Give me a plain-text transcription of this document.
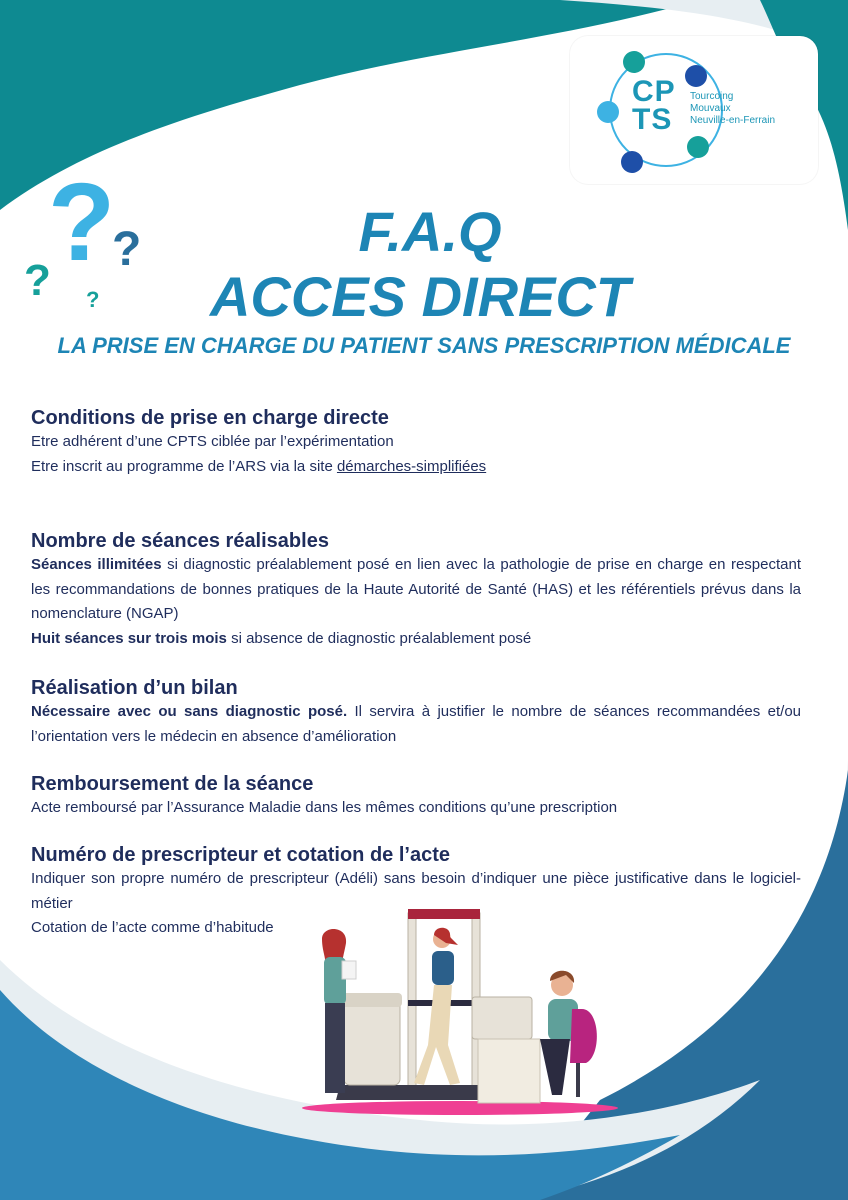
?
?
? ?
CP
TS
Tourcoing
Mouvaux
Neuville-en-Ferrain
F.A.Q
ACCES DIRECT
LA PRISE EN CHARGE DU PATIENT SANS PRESCRIPTION MÉDICALE
Conditions de prise en charge directe

Etre adhérent d’une CPTS ciblée par l’expérimentation

Etre inscrit au programme de l’ARS via la site démarches-simplifiées

Nombre de séances réalisables

Séances illimitées si diagnostic préalablement posé en lien avec la pathologie de prise en charge en respectant les recommandations de bonnes pratiques de la Haute Autorité de Santé (HAS) et les référentiels prévus dans la nomenclature (NGAP)

Huit séances sur trois mois si absence de diagnostic préalablement posé

Réalisation d’un bilan

Nécessaire avec ou sans diagnostic posé. Il servira à justifier le nombre de séances recommandées et/ou l’orientation vers le médecin en absence d’amélioration

Remboursement de la séance

Acte remboursé par l’Assurance Maladie dans les mêmes conditions qu’une prescription

Numéro de prescripteur et cotation de l’acte

Indiquer son propre numéro de prescripteur (Adéli) sans besoin d’indiquer une pièce justificative dans le logiciel-métier

Cotation de l’acte comme d’habitude
